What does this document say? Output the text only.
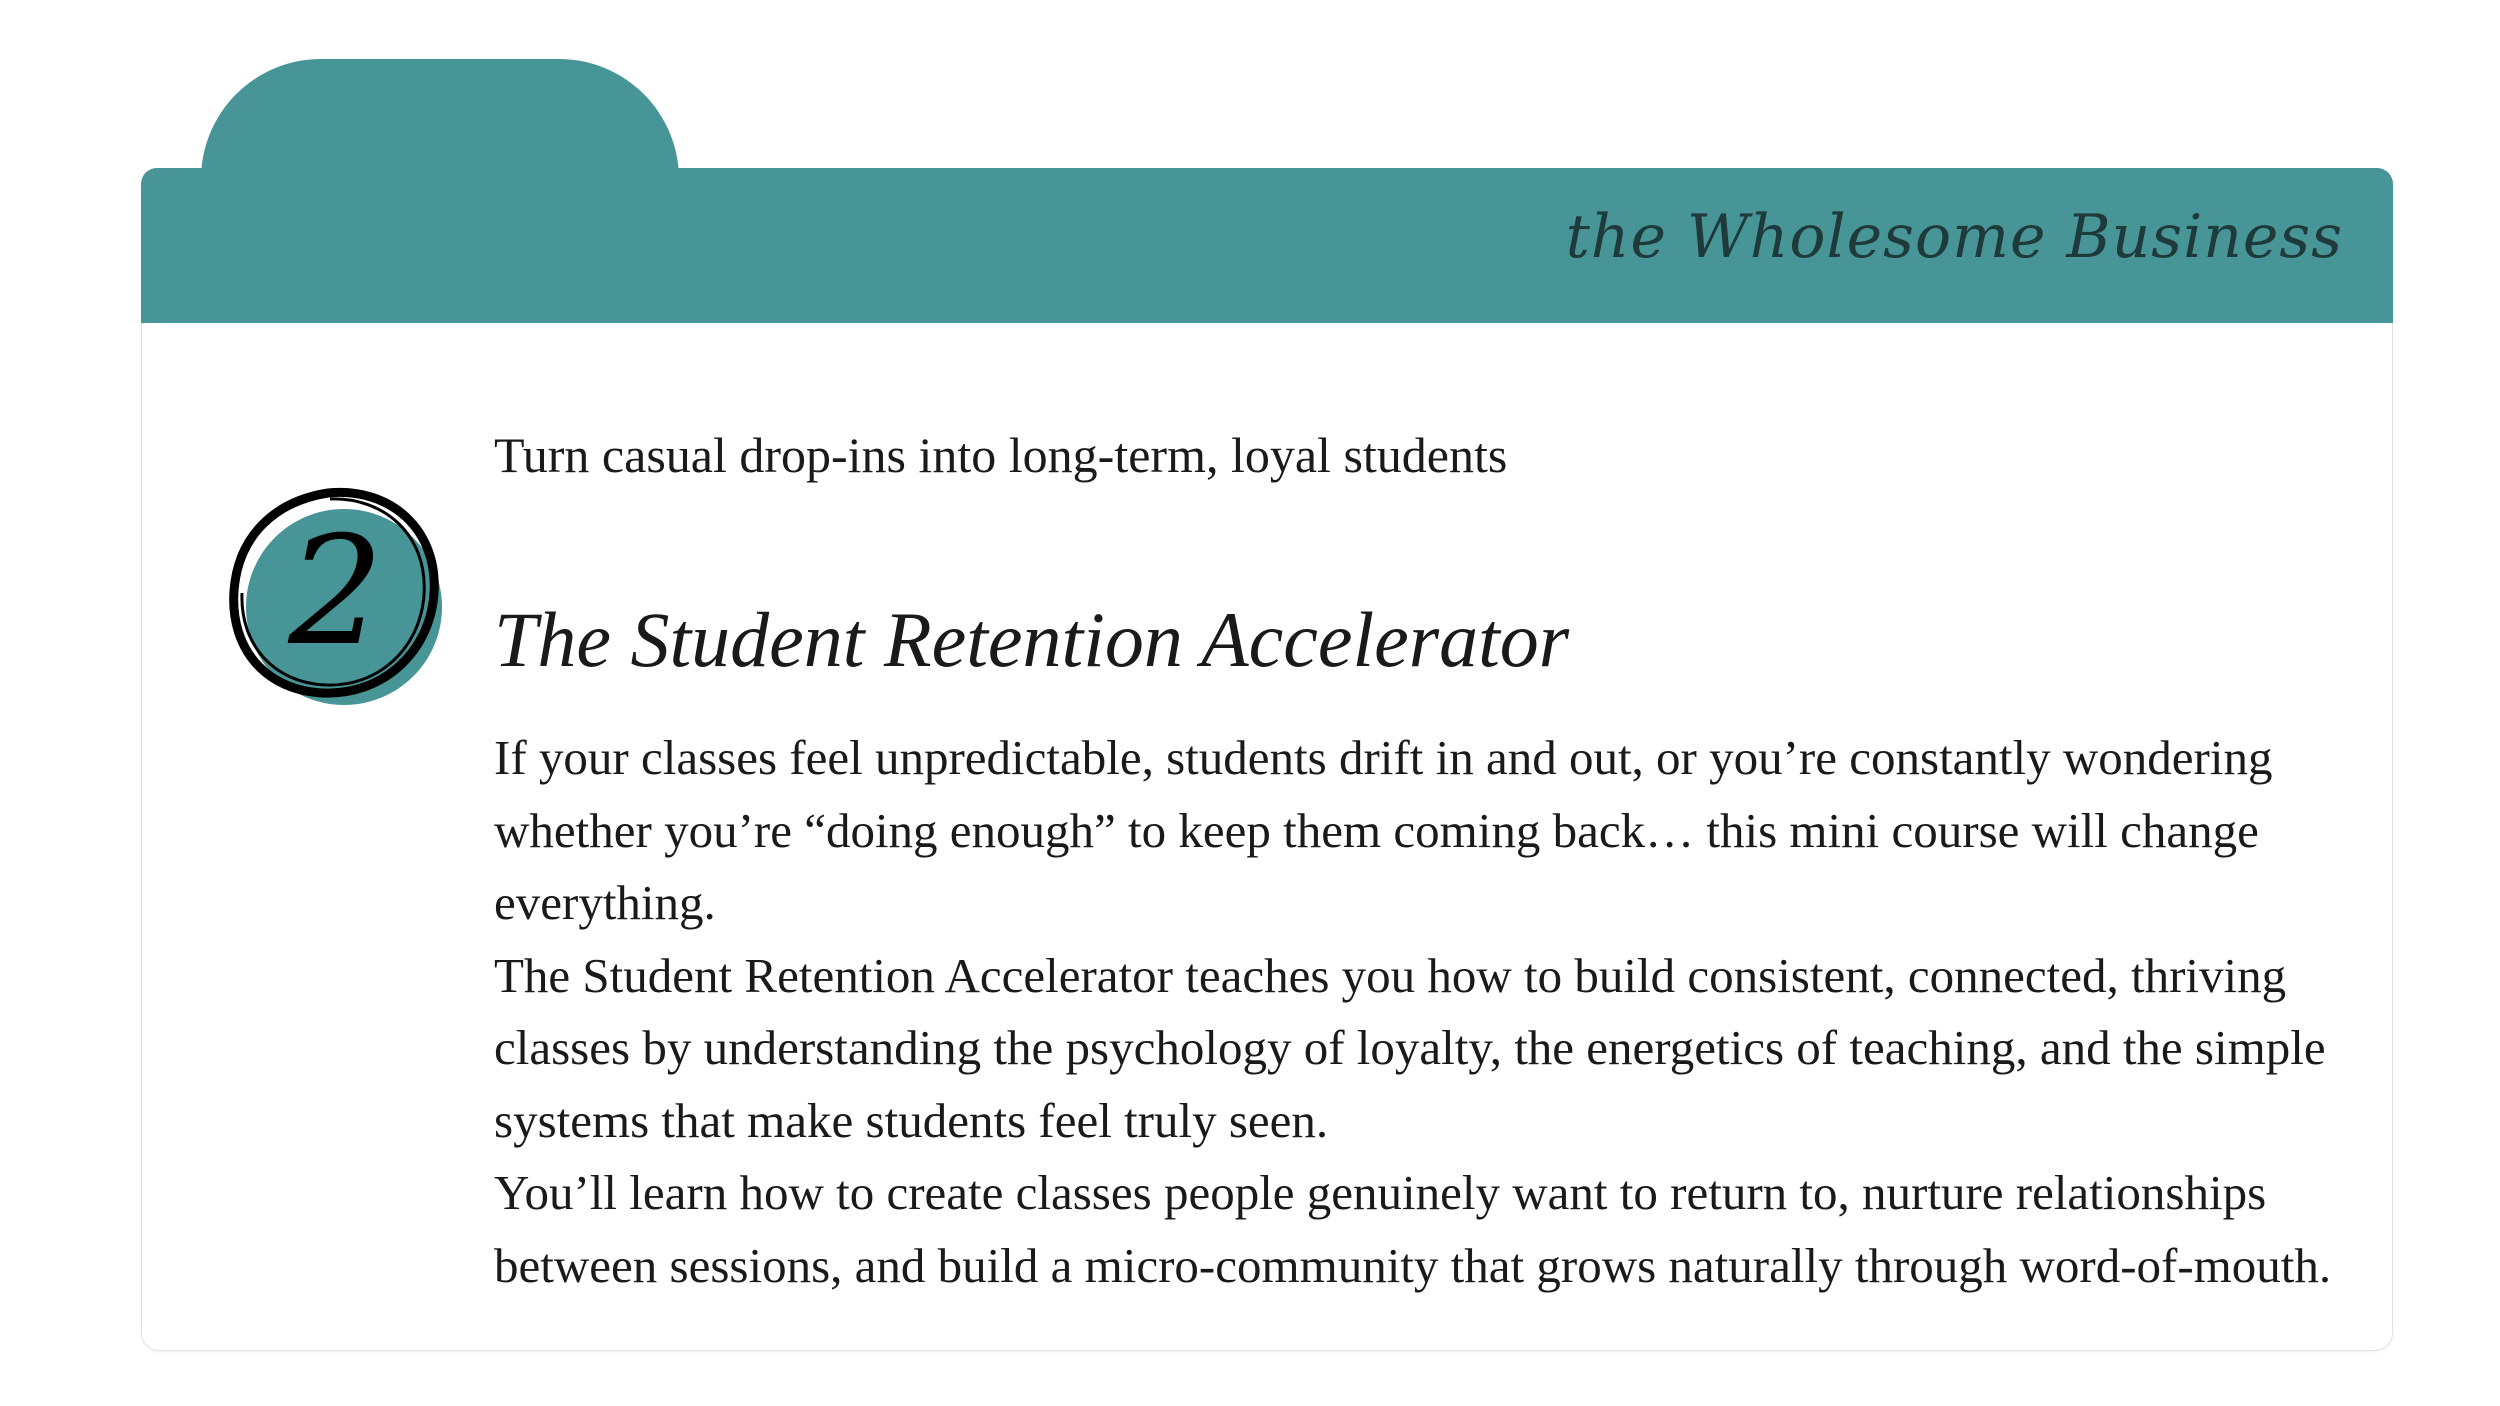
the Wholesome Business
2
Turn casual drop-ins into long-term, loyal students
The Student Retention Accelerator

If your classes feel unpredictable, students drift in and out, or you’re constantly wondering whether you’re “doing enough” to keep them coming back… this mini course will change everything.

The Student Retention Accelerator teaches you how to build consistent, connected, thriving classes by understanding the psychology of loyalty, the energetics of teaching, and the simple systems that make students feel truly seen.

You’ll learn how to create classes people genuinely want to return to, nurture relationships between sessions, and build a micro-community that grows naturally through word-of-mouth.
